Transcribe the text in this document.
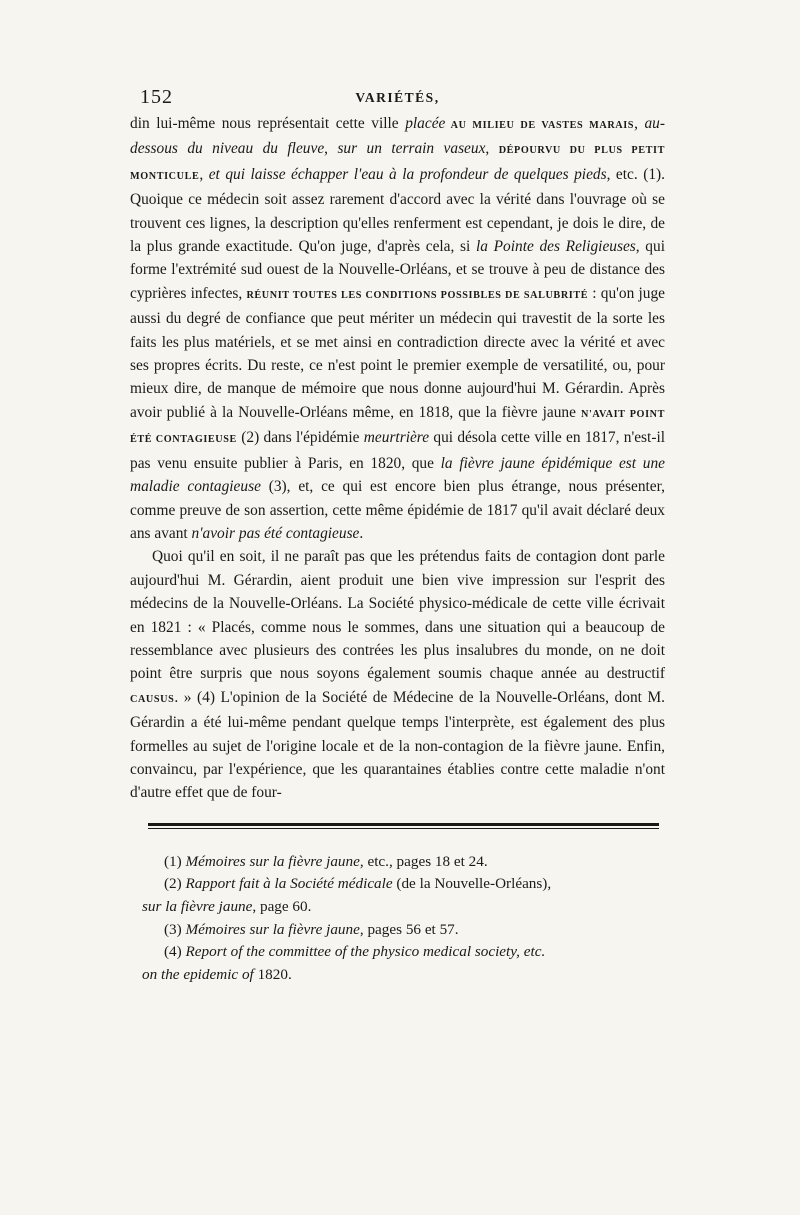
152	VARIÉTÉS,

din lui-même nous représentait cette ville placée AU MILIEU DE VASTES MARAIS, au-dessous du niveau du fleuve, sur un terrain vaseux, DÉPOURVU DU PLUS PETIT MONTICULE, et qui laisse échapper l'eau à la profondeur de quelques pieds, etc. (1). Quoique ce médecin soit assez rarement d'accord avec la vérité dans l'ouvrage où se trouvent ces lignes, la description qu'elles renferment est cependant, je dois le dire, de la plus grande exactitude. Qu'on juge, d'après cela, si la Pointe des Religieuses, qui forme l'extrémité sud ouest de la Nouvelle-Orléans, et se trouve à peu de distance des cyprières infectes, RÉUNIT TOUTES LES CONDITIONS POSSIBLES DE SALUBRITÉ : qu'on juge aussi du degré de confiance que peut mériter un médecin qui travestit de la sorte les faits les plus matériels, et se met ainsi en contradiction directe avec la vérité et avec ses propres écrits. Du reste, ce n'est point le premier exemple de versatilité, ou, pour mieux dire, de manque de mémoire que nous donne aujourd'hui M. Gérardin. Après avoir publié à la Nouvelle-Orléans même, en 1818, que la fièvre jaune N'AVAIT POINT ÉTÉ CONTAGIEUSE (2) dans l'épidémie meurtrière qui désola cette ville en 1817, n'est-il pas venu ensuite publier à Paris, en 1820, que la fièvre jaune épidémique est une maladie contagieuse (3), et, ce qui est encore bien plus étrange, nous présenter, comme preuve de son assertion, cette même épidémie de 1817 qu'il avait déclaré deux ans avant n'avoir pas été contagieuse.

Quoi qu'il en soit, il ne paraît pas que les prétendus faits de contagion dont parle aujourd'hui M. Gérardin, aient produit une bien vive impression sur l'esprit des médecins de la Nouvelle-Orléans. La Société physico-médicale de cette ville écrivait en 1821 : « Placés, comme nous le sommes, dans une situation qui a beaucoup de ressemblance avec plusieurs des contrées les plus insalubres du monde, on ne doit point être surpris que nous soyons également soumis chaque année au destructif CAUSUS. » (4) L'opinion de la Société de Médecine de la Nouvelle-Orléans, dont M. Gérardin a été lui-même pendant quelque temps l'interprète, est également des plus formelles au sujet de l'origine locale et de la non-contagion de la fièvre jaune. Enfin, convaincu, par l'expérience, que les quarantaines établies contre cette maladie n'ont d'autre effet que de four-

(1) Mémoires sur la fièvre jaune, etc., pages 18 et 24.
(2) Rapport fait à la Société médicale (de la Nouvelle-Orléans),
sur la fièvre jaune, page 60.
(3) Mémoires sur la fièvre jaune, pages 56 et 57.
(4) Report of the committee of the physico medical society, etc.
on the epidemic of 1820.
